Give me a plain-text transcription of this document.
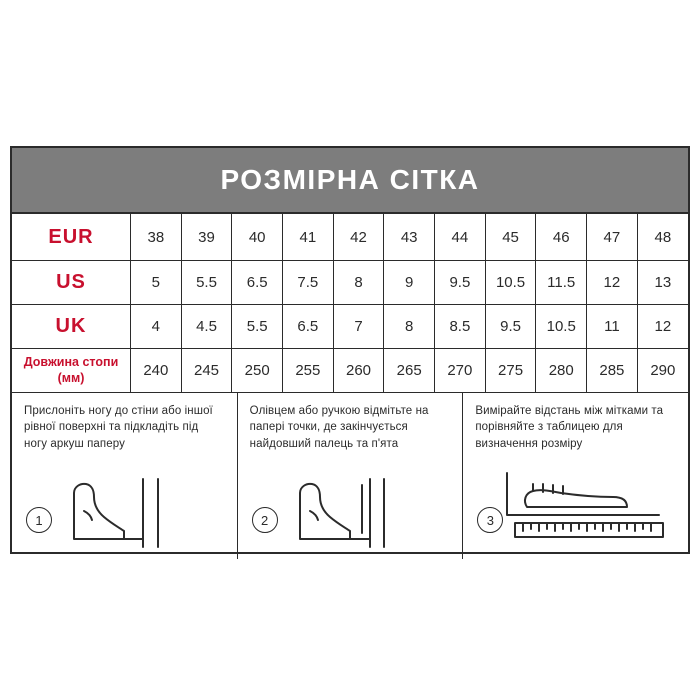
РОЗМІРНА СІТКА
EUR	38	39	40	41	42	43	44	45	46	47	48
US	5	5.5	6.5	7.5	8	9	9.5	10.5	11.5	12	13
UK	4	4.5	5.5	6.5	7	8	8.5	9.5	10.5	11	12
Довжина стопи (мм)	240	245	250	255	260	265	270	275	280	285	290
Прислоніть ногу до стіни або іншої рівної поверхні та підкладіть під ногу аркуш паперу
1
Олівцем або ручкою відмітьте на папері точки, де закінчується найдовший палець та п'ята
2
Вимірайте відстань між мітками та порівняйте з таблицею для визначення розміру
3
